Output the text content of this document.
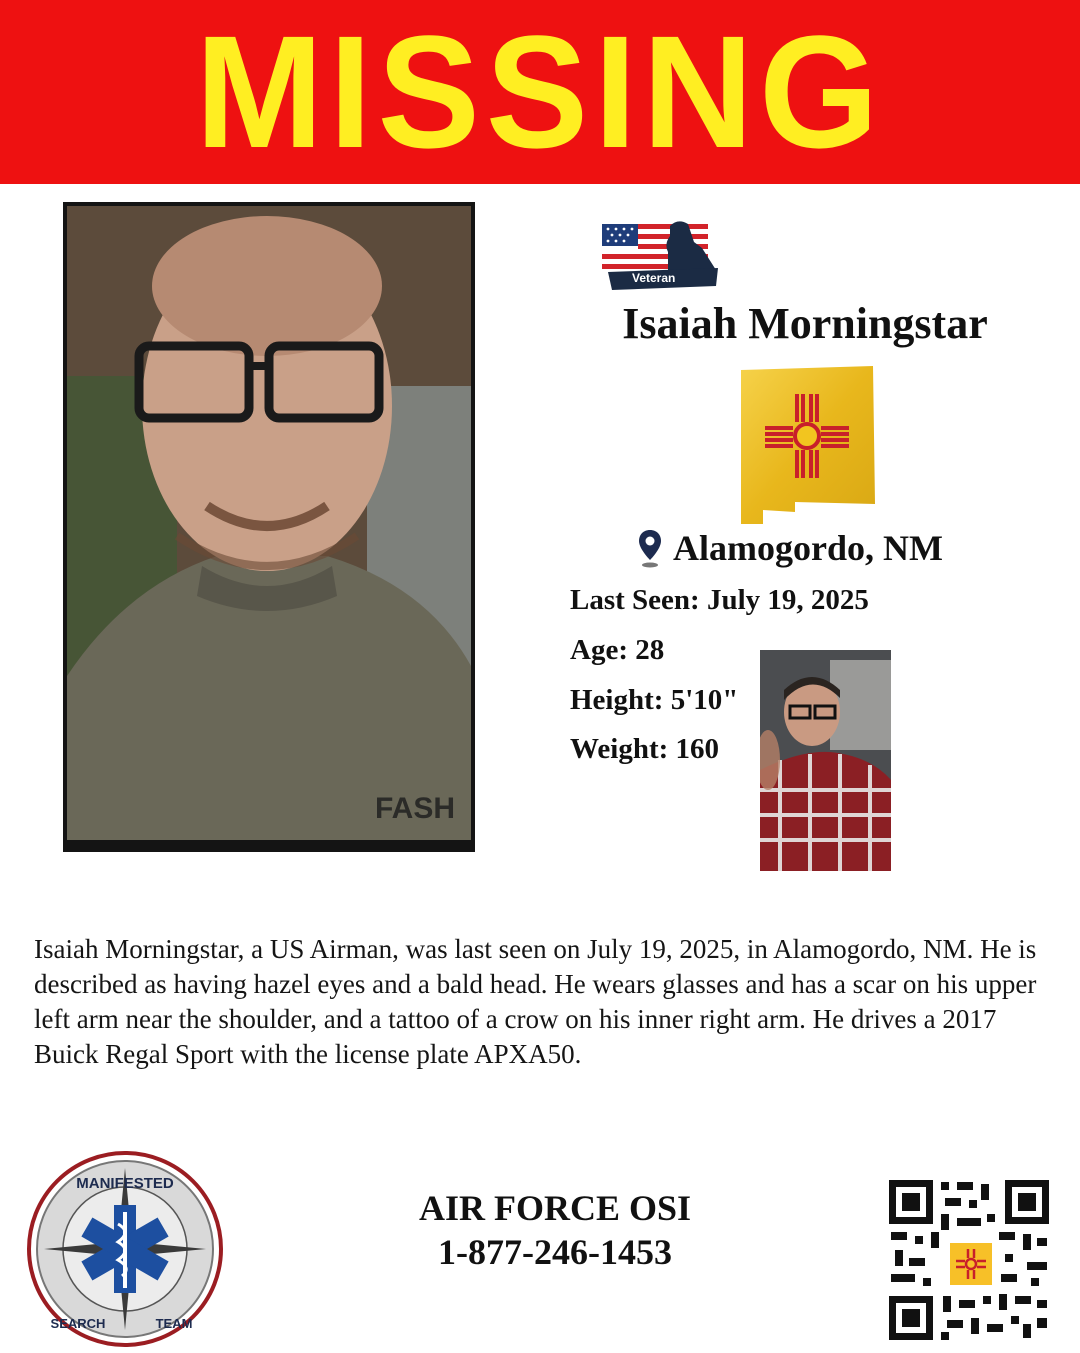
MISSING
FASH
Veteran
Isaiah Morningstar
Alamogordo, NM
Last Seen: July 19, 2025
Age: 28
Height: 5'10"
Weight: 160
Isaiah Morningstar, a US Airman, was last seen on July 19, 2025, in Alamogordo, NM. He is described as having hazel eyes and a bald head. He wears glasses and has a scar on his upper left arm near the shoulder, and a tattoo of a crow on his inner right arm. He drives a 2017 Buick Regal Sport with the license plate APXA50.
MANIFESTED
SEARCH	TEAM
AIR FORCE OSI
1-877-246-1453
